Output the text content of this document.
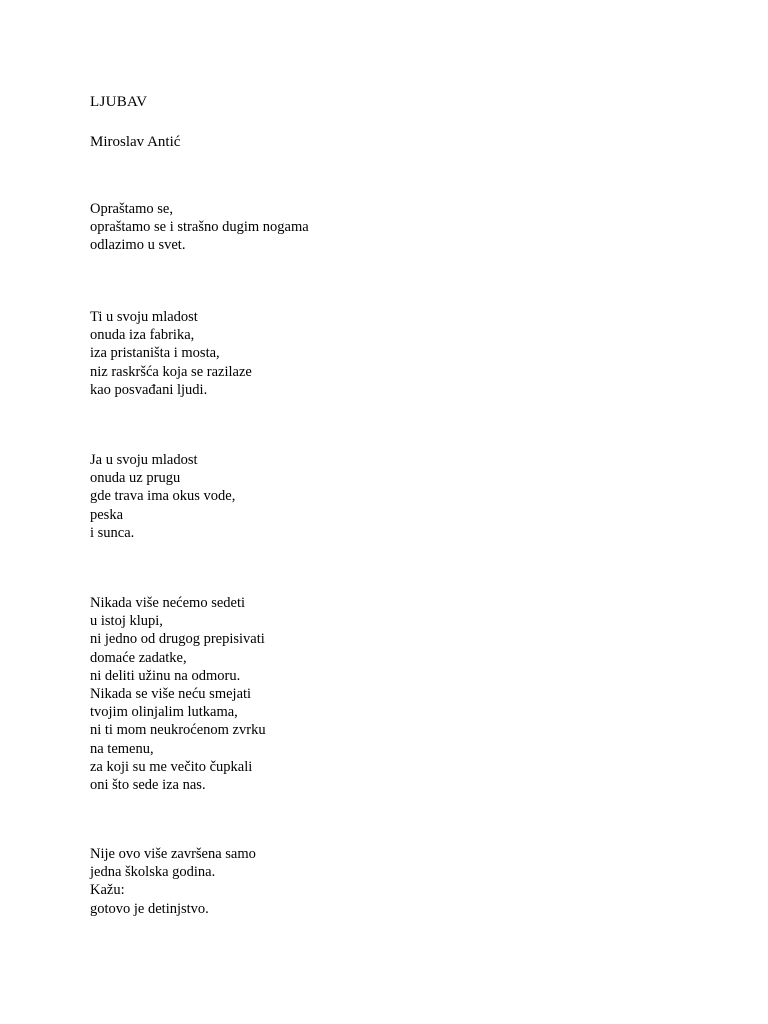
LJUBAV
Miroslav Antić
Opraštamo se,
opraštamo se i strašno dugim nogama
odlazimo u svet.
Ti u svoju mladost
onuda iza fabrika,
iza pristaništa i mosta,
niz raskršća koja se razilaze
kao posvađani ljudi.
Ja u svoju mladost
onuda uz prugu
gde trava ima okus vode,
peska
i sunca.
Nikada više nećemo sedeti
u istoj klupi,
ni jedno od drugog prepisivati
domaće zadatke,
ni deliti užinu na odmoru.
Nikada se više neću smejati
tvojim olinjalim lutkama,
ni ti mom neukroćenom zvrku
na temenu,
za koji su me večito čupkali
oni što sede iza nas.
Nije ovo više završena samo
jedna školska godina.
Kažu:
gotovo je detinjstvo.
